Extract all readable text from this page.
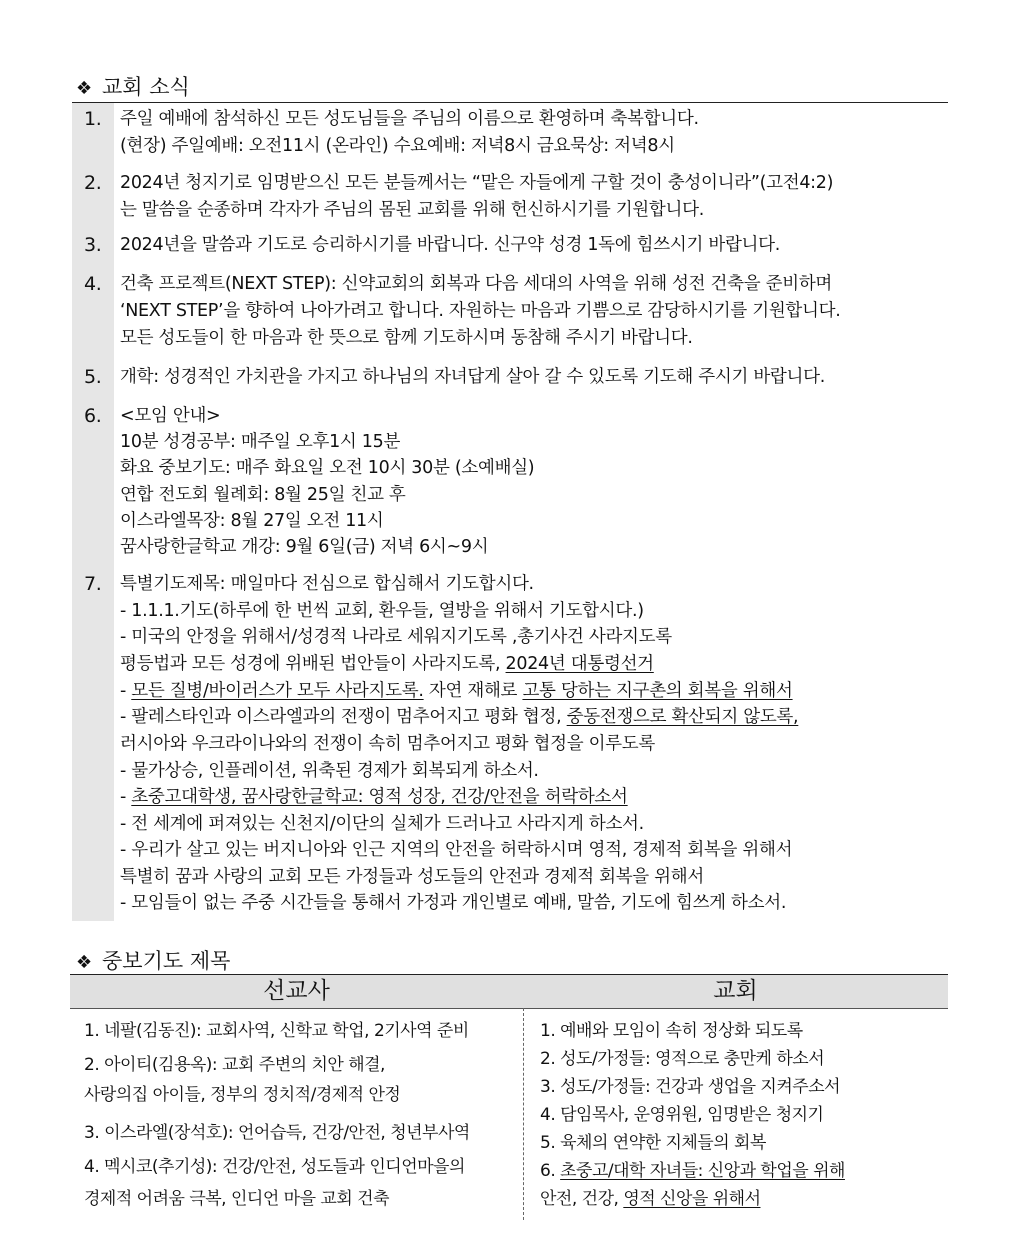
❖ 교회 소식
1.	주일 예배에 참석하신 모든 성도님들을 주님의 이름으로 환영하며 축복합니다.
(현장) 주일예배: 오전11시 (온라인) 수요예배: 저녁8시 금요묵상: 저녁8시
2.	2024년 청지기로 임명받으신 모든 분들께서는 “맡은 자들에게 구할 것이 충성이니라”(고전4:2)
는 말씀을 순종하며 각자가 주님의 몸된 교회를 위해 헌신하시기를 기원합니다.
3.	2024년을 말씀과 기도로 승리하시기를 바랍니다. 신구약 성경 1독에 힘쓰시기 바랍니다.
4.	건축 프로젝트(NEXT STEP): 신약교회의 회복과 다음 세대의 사역을 위해 성전 건축을 준비하며
‘NEXT STEP’을 향하여 나아가려고 합니다. 자원하는 마음과 기쁨으로 감당하시기를 기원합니다.
모든 성도들이 한 마음과 한 뜻으로 함께 기도하시며 동참해 주시기 바랍니다.
5.	개학: 성경적인 가치관을 가지고 하나님의 자녀답게 살아 갈 수 있도록 기도해 주시기 바랍니다.
6.	<모임 안내>
10분 성경공부: 매주일 오후1시 15분
화요 중보기도: 매주 화요일 오전 10시 30분 (소예배실)
연합 전도회 월례회: 8월 25일 친교 후
이스라엘목장: 8월 27일 오전 11시
꿈사랑한글학교 개강: 9월 6일(금) 저녁 6시~9시
7.	특별기도제목: 매일마다 전심으로 합심해서 기도합시다.
- 1.1.1.기도(하루에 한 번씩 교회, 환우들, 열방을 위해서 기도합시다.)
- 미국의 안정을 위해서/성경적 나라로 세워지기도록 ,총기사건 사라지도록
평등법과 모든 성경에 위배된 법안들이 사라지도록, 2024년 대통령선거
- 모든 질병/바이러스가 모두 사라지도록. 자연 재해로 고통 당하는 지구촌의 회복을 위해서
- 팔레스타인과 이스라엘과의 전쟁이 멈추어지고 평화 협정, 중동전쟁으로 확산되지 않도록,
러시아와 우크라이나와의 전쟁이 속히 멈추어지고 평화 협정을 이루도록
- 물가상승, 인플레이션, 위축된 경제가 회복되게 하소서.
- 초중고대학생, 꿈사랑한글학교: 영적 성장, 건강/안전을 허락하소서
- 전 세계에 퍼져있는 신천지/이단의 실체가 드러나고 사라지게 하소서.
- 우리가 살고 있는 버지니아와 인근 지역의 안전을 허락하시며 영적, 경제적 회복을 위해서
특별히 꿈과 사랑의 교회 모든 가정들과 성도들의 안전과 경제적 회복을 위해서
- 모임들이 없는 주중 시간들을 통해서 가정과 개인별로 예배, 말씀, 기도에 힘쓰게 하소서.
❖ 중보기도 제목
선교사	교회
1. 네팔(김동진): 교회사역, 신학교 학업, 2기사역 준비
2. 아이티(김용옥): 교회 주변의 치안 해결,
사랑의집 아이들, 정부의 정치적/경제적 안정
3. 이스라엘(장석호): 언어습득, 건강/안전, 청년부사역
4. 멕시코(추기성): 건강/안전, 성도들과 인디언마을의
경제적 어려움 극복, 인디언 마을 교회 건축
1. 예배와 모임이 속히 정상화 되도록
2. 성도/가정들: 영적으로 충만케 하소서
3. 성도/가정들: 건강과 생업을 지켜주소서
4. 담임목사, 운영위원, 임명받은 청지기
5. 육체의 연약한 지체들의 회복
6. 초중고/대학 자녀들: 신앙과 학업을 위해
안전, 건강, 영적 신앙을 위해서
